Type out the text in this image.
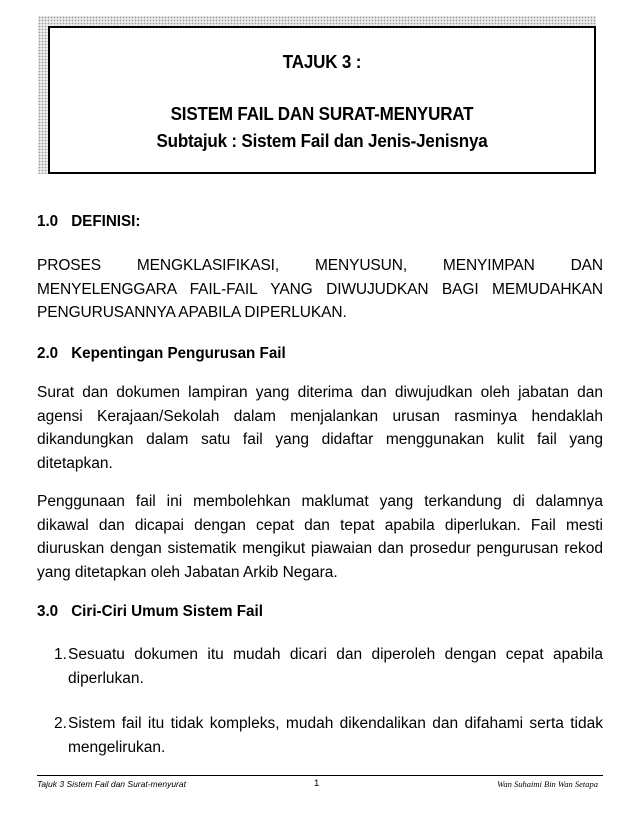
TAJUK 3 :
SISTEM FAIL DAN SURAT-MENYURAT
Subtajuk : Sistem Fail dan Jenis-Jenisnya
1.0 DEFINISI:
PROSES MENGKLASIFIKASI, MENYUSUN, MENYIMPAN DAN MENYELENGGARA FAIL-FAIL YANG DIWUJUDKAN BAGI MEMUDAHKAN PENGURUSANNYA APABILA DIPERLUKAN.
2.0 Kepentingan Pengurusan Fail
Surat dan dokumen lampiran yang diterima dan diwujudkan oleh jabatan dan agensi Kerajaan/Sekolah dalam menjalankan urusan rasminya hendaklah dikandungkan dalam satu fail yang didaftar menggunakan kulit fail yang ditetapkan.
Penggunaan fail ini membolehkan maklumat yang terkandung di dalamnya dikawal dan dicapai dengan cepat dan tepat apabila diperlukan. Fail mesti diuruskan dengan sistematik mengikut piawaian dan prosedur pengurusan rekod yang ditetapkan oleh Jabatan Arkib Negara.
3.0 Ciri-Ciri Umum Sistem Fail
1. Sesuatu dokumen itu mudah dicari dan diperoleh dengan cepat apabila diperlukan.
2. Sistem fail itu tidak kompleks, mudah dikendalikan dan difahami serta tidak mengelirukan.
Tajuk 3 Sistem Fail dan Surat-menyurat	1	Wan Suhaimi Bin Wan Setapa
